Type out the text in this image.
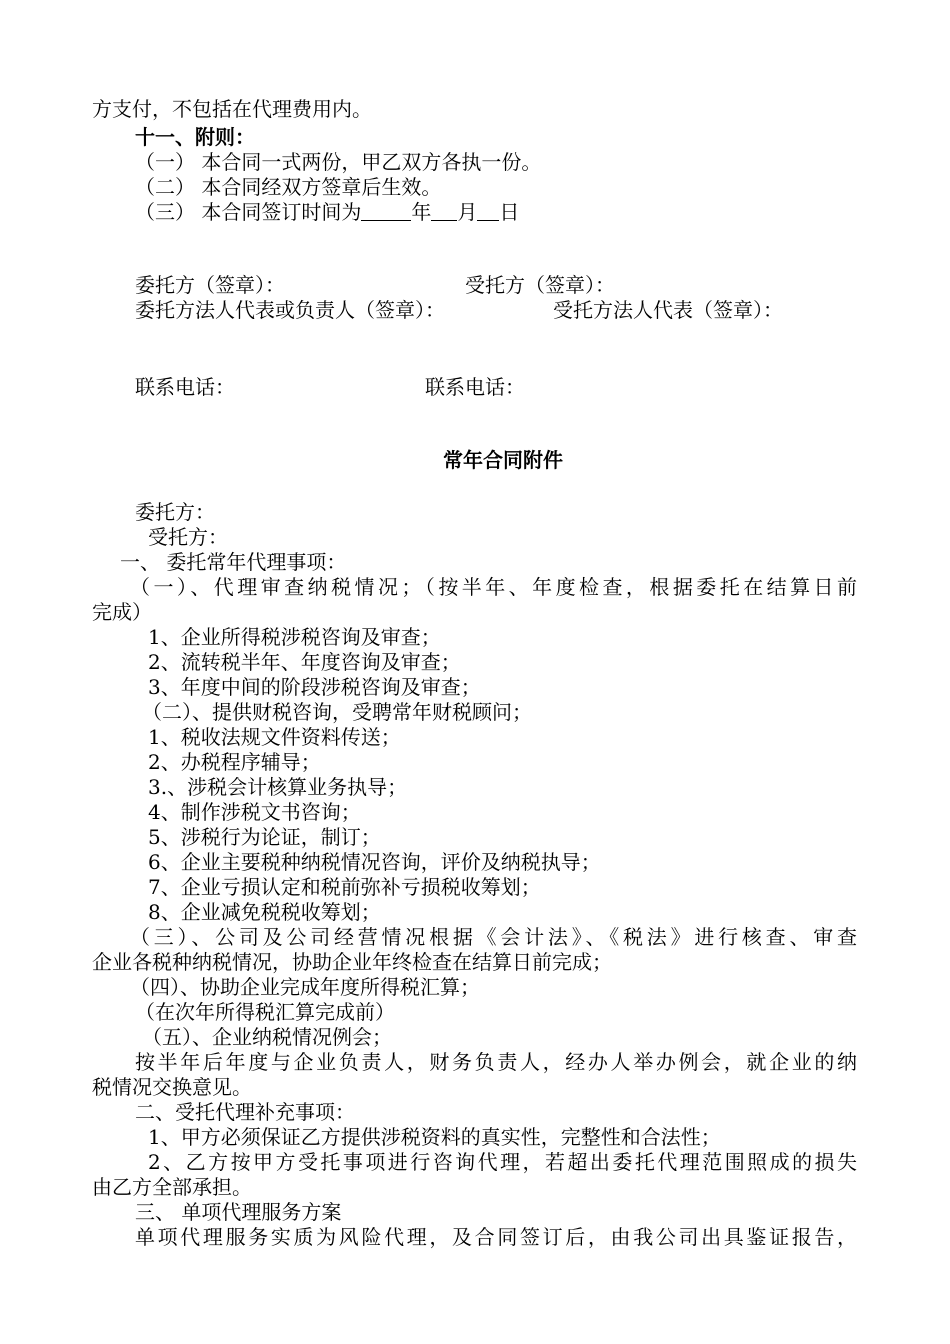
方支付，不包括在代理费用内。
十一、附则：
（一） 本合同一式两份，甲乙双方各执一份。
（二） 本合同经双方签章后生效。
（三） 本合同签订时间为	年 月 日
委托方（签章）：	受托方（签章）：
委托方法人代表或负责人（签章）：	受托方法人代表（签章）：
联系电话：	联系电话：
常年合同附件
委托方：
受托方：
一、 委托常年代理事项：
（一）、代理审查纳税情况；（按半年、年度检查，根据委托在结算日前
完成）
1、企业所得税涉税咨询及审查；
2、流转税半年、年度咨询及审查；
3、年度中间的阶段涉税咨询及审查；
（二）、提供财税咨询，受聘常年财税顾问；
1、税收法规文件资料传送；
2、办税程序辅导；
3.、涉税会计核算业务执导；
4、制作涉税文书咨询；
5、涉税行为论证，制订；
6、企业主要税种纳税情况咨询，评价及纳税执导；
7、企业亏损认定和税前弥补亏损税收筹划；
8、企业减免税税收筹划；
（三）、公司及公司经营情况根据《会计法》、《税法》进行核查、审查
企业各税种纳税情况，协助企业年终检查在结算日前完成；
（四）、协助企业完成年度所得税汇算；
（在次年所得税汇算完成前）
（五）、企业纳税情况例会；
按半年后年度与企业负责人，财务负责人，经办人举办例会，就企业的纳
税情况交换意见。
二、受托代理补充事项：
1、甲方必须保证乙方提供涉税资料的真实性，完整性和合法性；
2、乙方按甲方受托事项进行咨询代理，若超出委托代理范围照成的损失
由乙方全部承担。
三、 单项代理服务方案
单项代理服务实质为风险代理，及合同签订后，由我公司出具鉴证报告，
